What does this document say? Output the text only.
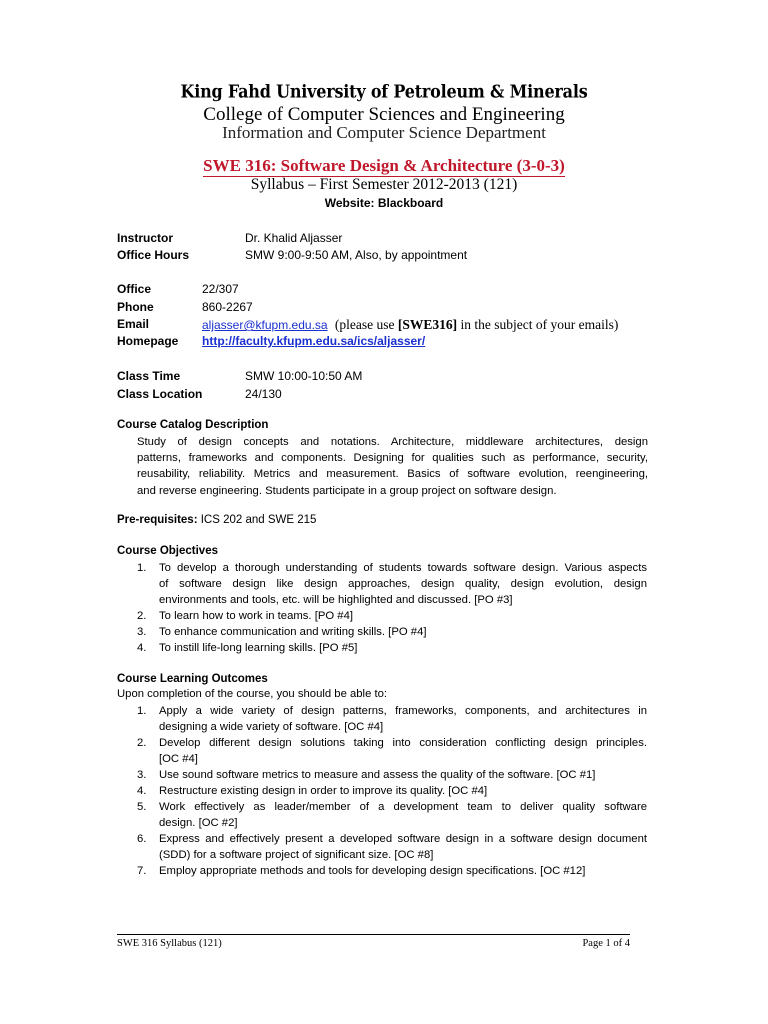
King Fahd University of Petroleum & Minerals
College of Computer Sciences and Engineering
Information and Computer Science Department
SWE 316: Software Design & Architecture (3-0-3)
Syllabus – First Semester 2012-2013 (121)
Website: Blackboard
Instructor	Dr. Khalid Aljasser
Office Hours	SMW 9:00-9:50 AM, Also, by appointment
Office	22/307
Phone	860-2267
Email	aljasser@kfupm.edu.sa (please use [SWE316] in the subject of your emails)
Homepage http://faculty.kfupm.edu.sa/ics/aljasser/
Class Time	SMW 10:00-10:50 AM
Class Location	24/130
Course Catalog Description
Study of design concepts and notations. Architecture, middleware architectures, design
patterns, frameworks and components. Designing for qualities such as performance, security,
reusability, reliability. Metrics and measurement. Basics of software evolution, reengineering,
and reverse engineering. Students participate in a group project on software design.
Pre-requisites: ICS 202 and SWE 215
Course Objectives
1. To develop a thorough understanding of students towards software design. Various aspects
of software design like design approaches, design quality, design evolution, design
environments and tools, etc. will be highlighted and discussed. [PO #3]
2. To learn how to work in teams. [PO #4]
3. To enhance communication and writing skills. [PO #4]
4. To instill life-long learning skills. [PO #5]
Course Learning Outcomes
Upon completion of the course, you should be able to:
1. Apply a wide variety of design patterns, frameworks, components, and architectures in
designing a wide variety of software. [OC #4]
2. Develop different design solutions taking into consideration conflicting design principles.
[OC #4]
3. Use sound software metrics to measure and assess the quality of the software. [OC #1]
4. Restructure existing design in order to improve its quality. [OC #4]
5. Work effectively as leader/member of a development team to deliver quality software
design. [OC #2]
6. Express and effectively present a developed software design in a software design document
(SDD) for a software project of significant size. [OC #8]
7. Employ appropriate methods and tools for developing design specifications. [OC #12]
SWE 316 Syllabus (121)	Page 1 of 4
